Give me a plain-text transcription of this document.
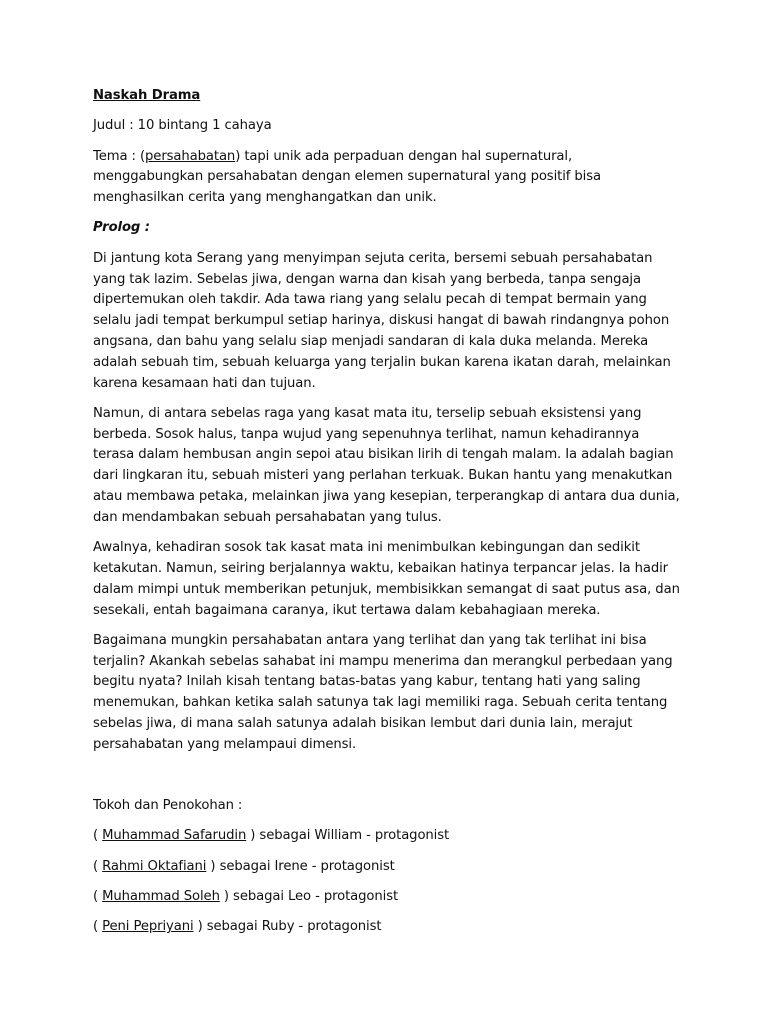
Naskah Drama

Judul : 10 bintang 1 cahaya

Tema : (persahabatan) tapi unik ada perpaduan dengan hal supernatural, menggabungkan persahabatan dengan elemen supernatural yang positif bisa menghasilkan cerita yang menghangatkan dan unik.

Prolog :

Di jantung kota Serang yang menyimpan sejuta cerita, bersemi sebuah persahabatan yang tak lazim. Sebelas jiwa, dengan warna dan kisah yang berbeda, tanpa sengaja dipertemukan oleh takdir. Ada tawa riang yang selalu pecah di tempat bermain yang selalu jadi tempat berkumpul setiap harinya, diskusi hangat di bawah rindangnya pohon angsana, dan bahu yang selalu siap menjadi sandaran di kala duka melanda. Mereka adalah sebuah tim, sebuah keluarga yang terjalin bukan karena ikatan darah, melainkan karena kesamaan hati dan tujuan.

Namun, di antara sebelas raga yang kasat mata itu, terselip sebuah eksistensi yang berbeda. Sosok halus, tanpa wujud yang sepenuhnya terlihat, namun kehadirannya terasa dalam hembusan angin sepoi atau bisikan lirih di tengah malam. Ia adalah bagian dari lingkaran itu, sebuah misteri yang perlahan terkuak. Bukan hantu yang menakutkan atau membawa petaka, melainkan jiwa yang kesepian, terperangkap di antara dua dunia, dan mendambakan sebuah persahabatan yang tulus.

Awalnya, kehadiran sosok tak kasat mata ini menimbulkan kebingungan dan sedikit ketakutan. Namun, seiring berjalannya waktu, kebaikan hatinya terpancar jelas. Ia hadir dalam mimpi untuk memberikan petunjuk, membisikkan semangat di saat putus asa, dan sesekali, entah bagaimana caranya, ikut tertawa dalam kebahagiaan mereka.

Bagaimana mungkin persahabatan antara yang terlihat dan yang tak terlihat ini bisa terjalin? Akankah sebelas sahabat ini mampu menerima dan merangkul perbedaan yang begitu nyata? Inilah kisah tentang batas-batas yang kabur, tentang hati yang saling menemukan, bahkan ketika salah satunya tak lagi memiliki raga. Sebuah cerita tentang sebelas jiwa, di mana salah satunya adalah bisikan lembut dari dunia lain, merajut persahabatan yang melampaui dimensi.

Tokoh dan Penokohan :

( Muhammad Safarudin ) sebagai William - protagonist

( Rahmi Oktafiani ) sebagai Irene - protagonist

( Muhammad Soleh ) sebagai Leo - protagonist

( Peni Pepriyani ) sebagai Ruby - protagonist
